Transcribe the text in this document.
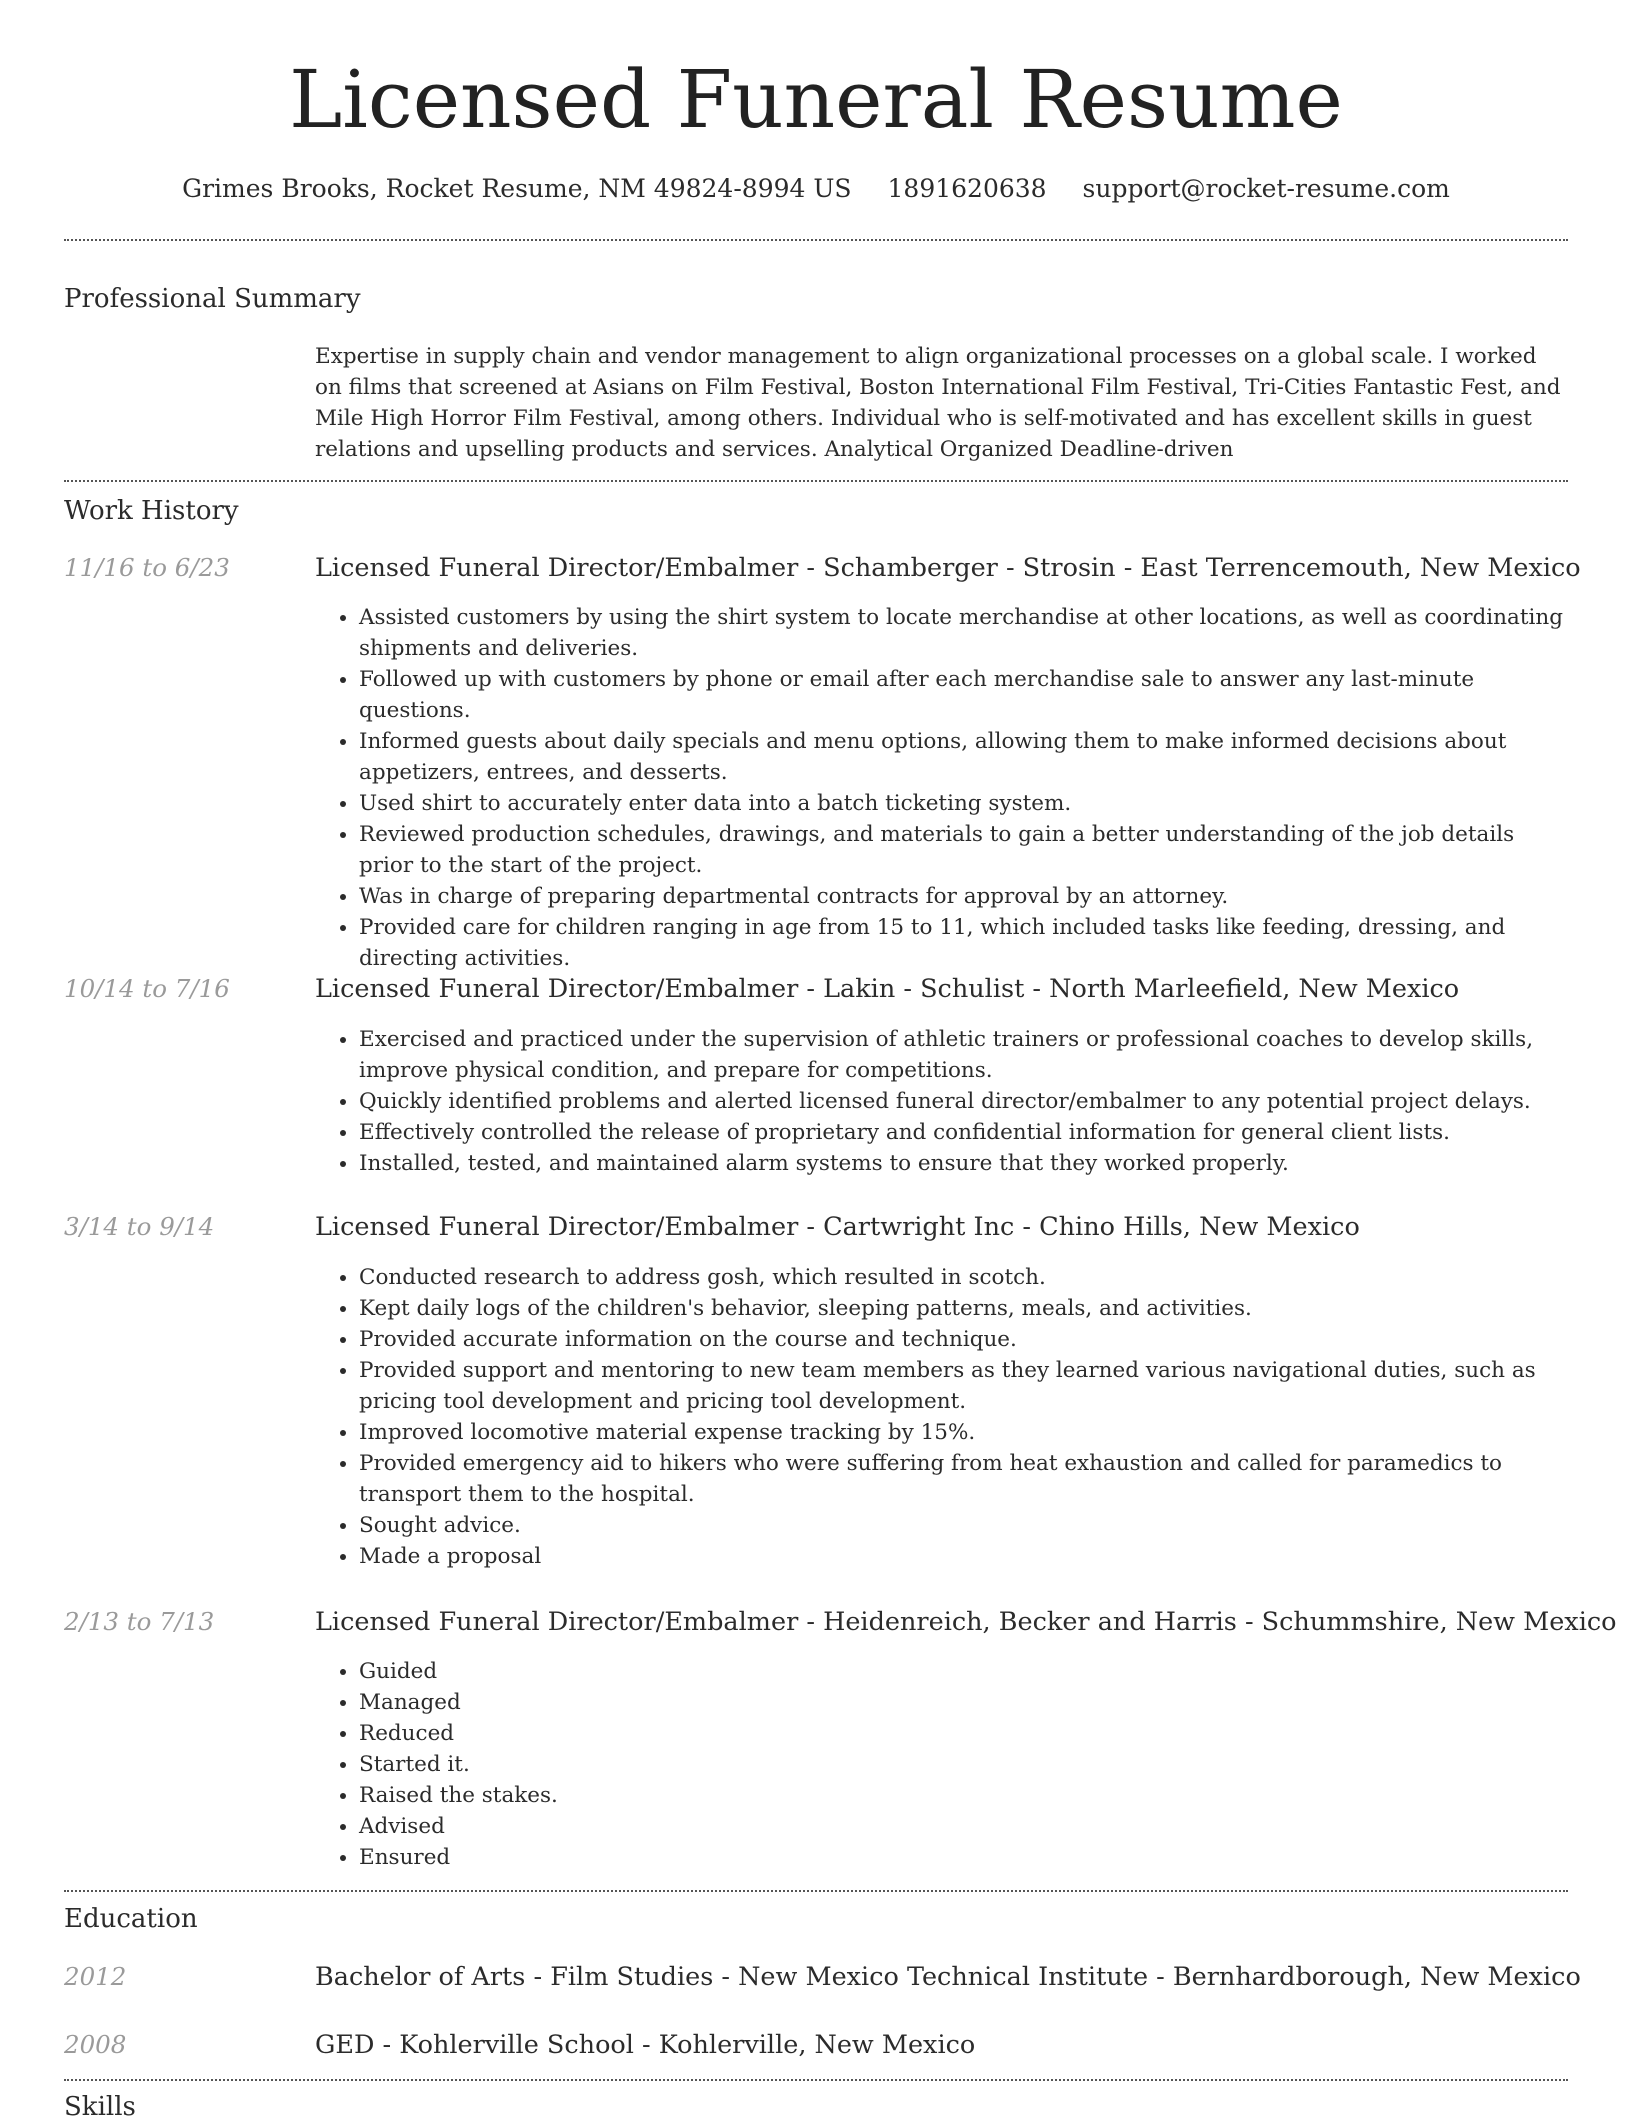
Licensed Funeral Resume
Grimes Brooks, Rocket Resume, NM 49824-8994 US 1891620638 support@rocket-resume.com
Professional Summary

Expertise in supply chain and vendor management to align organizational processes on a global scale. I worked on films that screened at Asians on Film Festival, Boston International Film Festival, Tri-Cities Fantastic Fest, and Mile High Horror Film Festival, among others. Individual who is self-motivated and has excellent skills in guest relations and upselling products and services. Analytical Organized Deadline-driven

Work History
11/16 to 6/23	Licensed Funeral Director/Embalmer - Schamberger - Strosin - East Terrencemouth, New Mexico
• Assisted customers by using the shirt system to locate merchandise at other locations, as well as coordinating shipments and deliveries.
• Followed up with customers by phone or email after each merchandise sale to answer any last-minute questions.
• Informed guests about daily specials and menu options, allowing them to make informed decisions about appetizers, entrees, and desserts.
• Used shirt to accurately enter data into a batch ticketing system.
• Reviewed production schedules, drawings, and materials to gain a better understanding of the job details prior to the start of the project.
• Was in charge of preparing departmental contracts for approval by an attorney.
• Provided care for children ranging in age from 15 to 11, which included tasks like feeding, dressing, and directing activities.
10/14 to 7/16	Licensed Funeral Director/Embalmer - Lakin - Schulist - North Marleefield, New Mexico
• Exercised and practiced under the supervision of athletic trainers or professional coaches to develop skills, improve physical condition, and prepare for competitions.
• Quickly identified problems and alerted licensed funeral director/embalmer to any potential project delays.
• Effectively controlled the release of proprietary and confidential information for general client lists.
• Installed, tested, and maintained alarm systems to ensure that they worked properly.
3/14 to 9/14	Licensed Funeral Director/Embalmer - Cartwright Inc - Chino Hills, New Mexico
• Conducted research to address gosh, which resulted in scotch.
• Kept daily logs of the children's behavior, sleeping patterns, meals, and activities.
• Provided accurate information on the course and technique.
• Provided support and mentoring to new team members as they learned various navigational duties, such as pricing tool development and pricing tool development.
• Improved locomotive material expense tracking by 15%.
• Provided emergency aid to hikers who were suffering from heat exhaustion and called for paramedics to transport them to the hospital.
• Sought advice.
• Made a proposal
2/13 to 7/13	Licensed Funeral Director/Embalmer - Heidenreich, Becker and Harris - Schummshire, New Mexico
• Guided
• Managed
• Reduced
• Started it.
• Raised the stakes.
• Advised
• Ensured
Education
2012	Bachelor of Arts - Film Studies - New Mexico Technical Institute - Bernhardborough, New Mexico
2008	GED - Kohlerville School - Kohlerville, New Mexico
Skills
